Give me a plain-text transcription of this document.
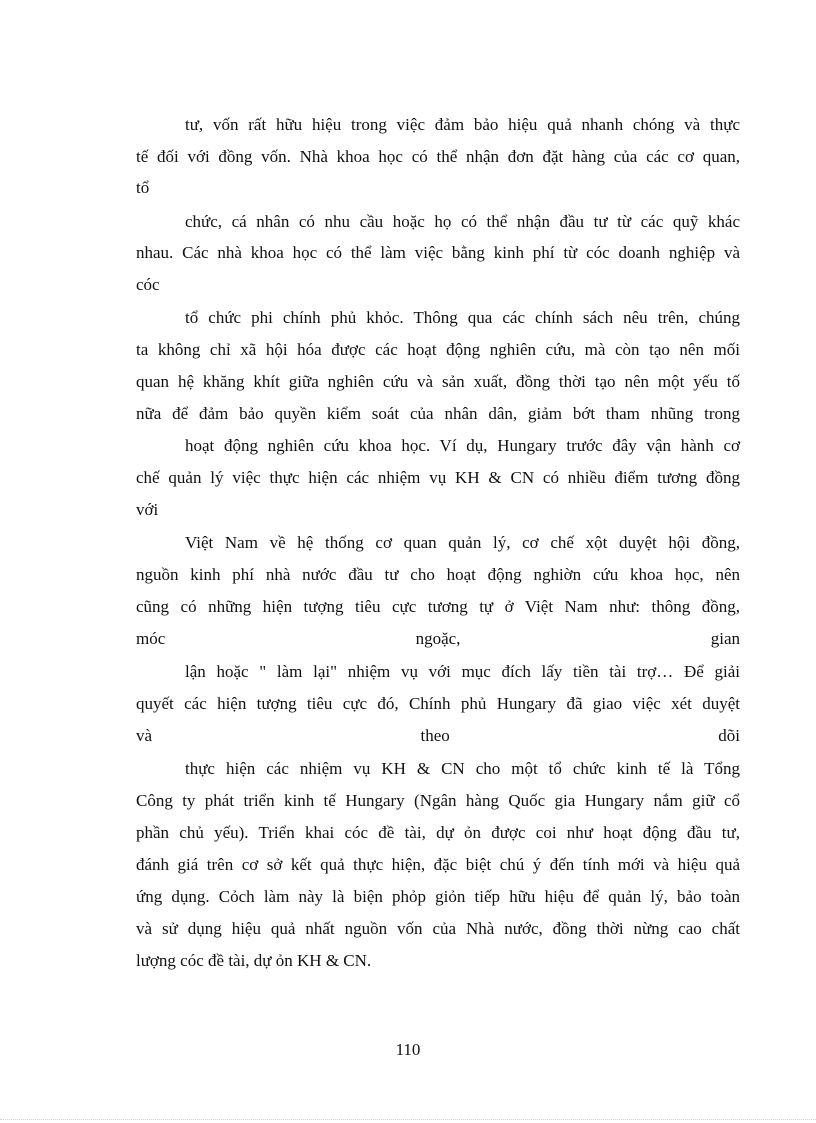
tư, vốn rất hữu hiệu trong việc đảm bảo hiệu quả nhanh chóng và thực
tế đối với đồng vốn. Nhà khoa học có thể nhận đơn đặt hàng của các cơ quan,
tổ
chức, cá nhân có nhu cầu hoặc họ có thể nhận đầu tư từ các quỹ khác
nhau. Các nhà khoa học có thể làm việc bằng kinh phí từ cóc doanh nghiệp và
cóc
tổ chức phi chính phủ khỏc. Thông qua các chính sách nêu trên, chúng
ta không chỉ xã hội hóa được các hoạt động nghiên cứu, mà còn tạo nên mối
quan hệ khăng khít giữa nghiên cứu và sản xuất, đồng thời tạo nên một yếu tố
nữa để đảm bảo quyền kiểm soát của nhân dân, giảm bớt tham nhũng trong
hoạt động nghiên cứu khoa học. Ví dụ, Hungary trước đây vận hành cơ
chế quản lý việc thực hiện các nhiệm vụ KH & CN có nhiều điểm tương đồng
với
Việt Nam về hệ thống cơ quan quản lý, cơ chế xột duyệt hội đồng,
nguồn kinh phí nhà nước đầu tư cho hoạt động nghiờn cứu khoa học, nên
cũng có những hiện tượng tiêu cực tương tự ở Việt Nam như: thông đồng,
móc ngoặc, gian
lận hoặc " làm lại" nhiệm vụ với mục đích lấy tiền tài trợ… Để giải
quyết các hiện tượng tiêu cực đó, Chính phủ Hungary đã giao việc xét duyệt
và theo dõi
thực hiện các nhiệm vụ KH & CN cho một tổ chức kinh tế là Tổng
Công ty phát triển kinh tế Hungary (Ngân hàng Quốc gia Hungary nắm giữ cổ
phần chủ yếu). Triển khai cóc đề tài, dự ỏn được coi như hoạt động đầu tư,
đánh giá trên cơ sở kết quả thực hiện, đặc biệt chú ý đến tính mới và hiệu quả
ứng dụng. Cỏch làm này là biện phỏp giỏn tiếp hữu hiệu để quản lý, bảo toàn
và sử dụng hiệu quả nhất nguồn vốn của Nhà nước, đồng thời nừng cao chất
lượng cóc đề tài, dự ỏn KH & CN.
110
